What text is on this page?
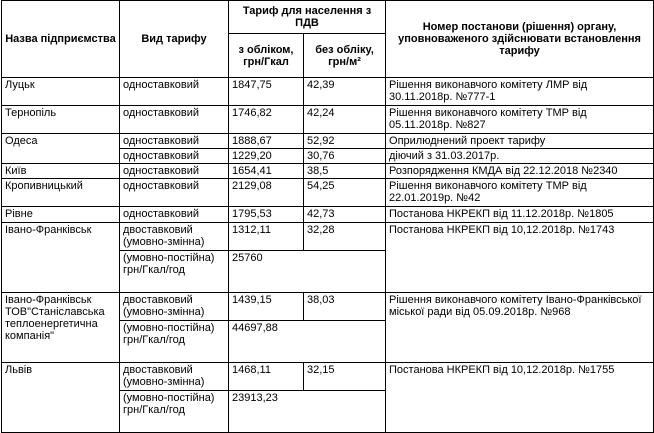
Назва підприємства	Вид тарифу	Тариф для населення з ПДВ		Номер постанови (рішення) органу, уповноваженого здійснювати встановлення тарифу
		з обліком, грн/Гкал	без обліку, грн/м²	
Луцьк	одноставковий	1847,75	42,39	Рішення виконавчого комітету ЛМР від 30.11.2018р. №777-1
Тернопіль	одноставковий	1746,82	42,24	Рішення виконавчого комітету ТМР від 05.11.2018р. №827
Одеса	одноставковий	1888,67	52,92	Оприлюднений проект тарифу
	одноставковий	1229,20	30,76	діючий з 31.03.2017р.
Київ	одноставковий	1654,41	38,5	Розпорядження КМДА від 22.12.2018 №2340
Кропивницький	одноставковий	2129,08	54,25	Рішення виконавчого комітету ТМР від 22.01.2019р. №42
Рівне	одноставковий	1795,53	42,73	Постанова НКРЕКП від 11.12.2018р. №1805
Івано-Франківськ	двоставковий (умовно-змінна)	1312,11	32,28	Постанова НКРЕКП від 10,12.2018р. №1743
	(умовно-постійна) грн/Гкал/год	25760		
Івано-Франківськ ТОВ"Станіславська теплоенергетична компанія"	двоставковий (умовно-змінна)	1439,15	38,03	Рішення виконавчого комітету Івано-Франківської міської ради від 05.09.2018р. №968
	(умовно-постійна) грн/Гкал/год	44697,88		
Львів	двоставковий (умовно-змінна)	1468,11	32,15	Постанова НКРЕКП від 10,12.2018р. №1755
	(умовно-постійна) грн/Гкал/год	23913,23		
